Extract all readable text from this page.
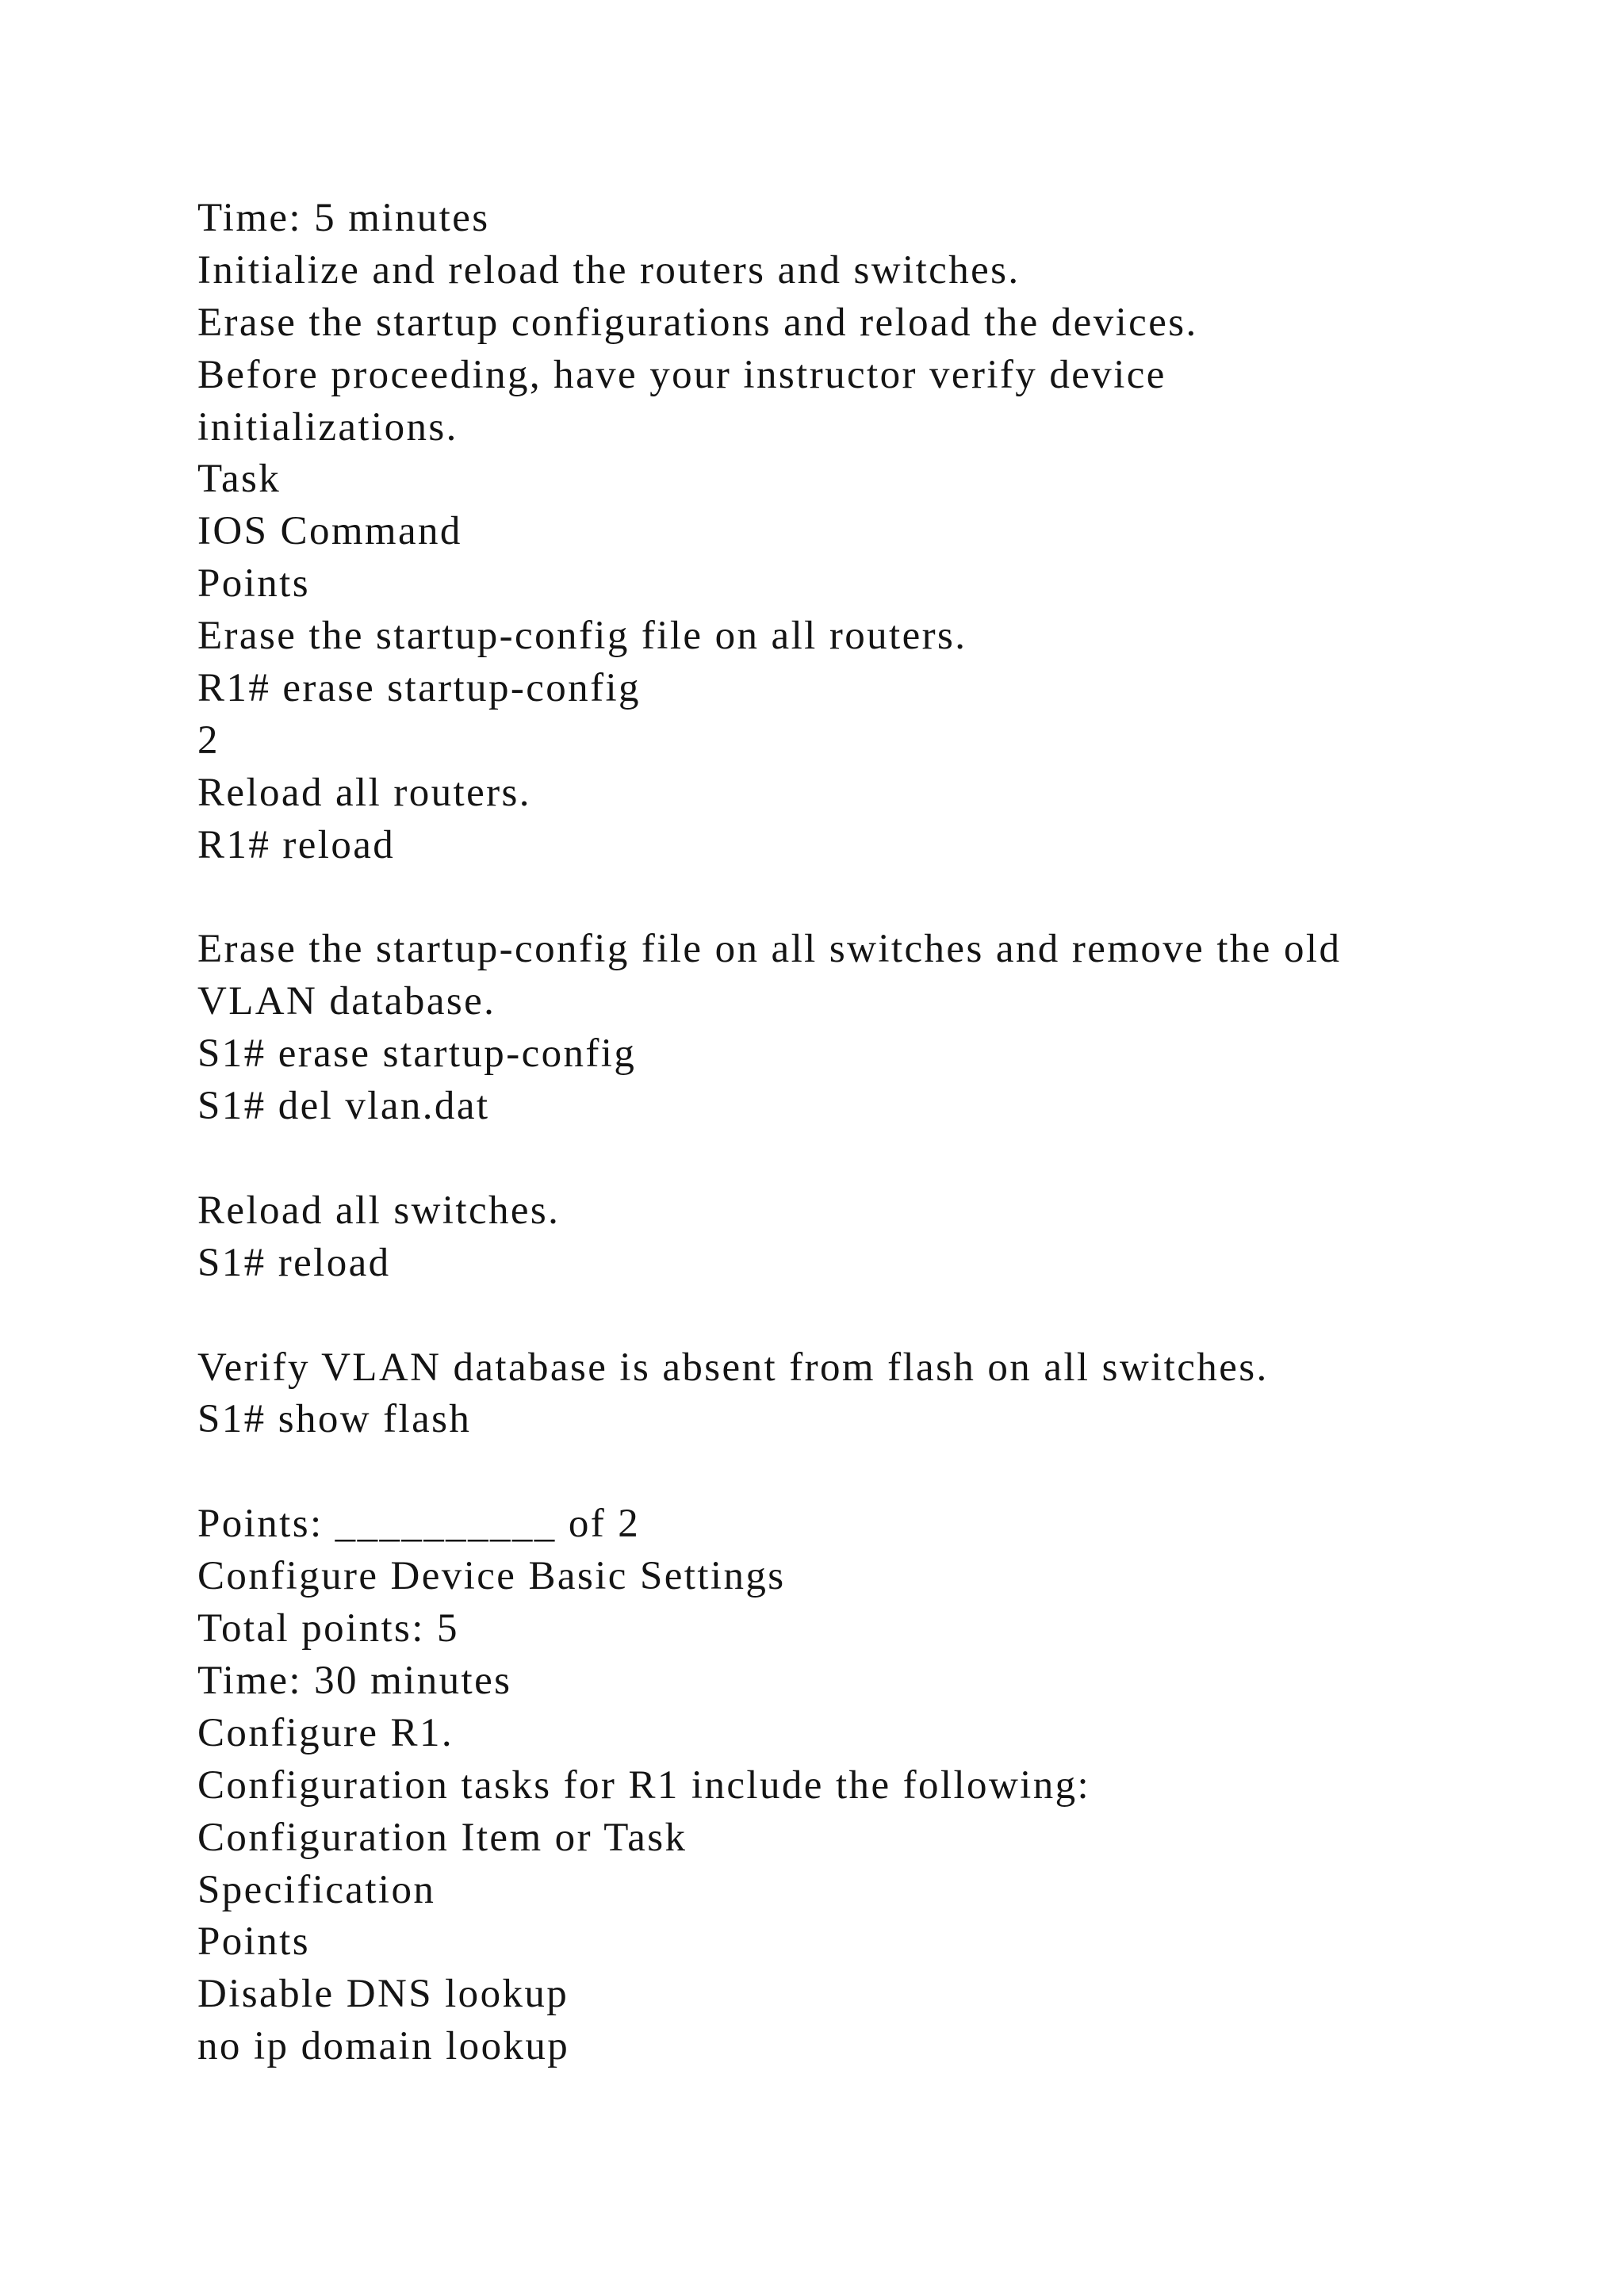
Time: 5 minutes
Initialize and reload the routers and switches.
Erase the startup configurations and reload the devices.
Before proceeding, have your instructor verify device
initializations.
Task
IOS Command
Points
Erase the startup-config file on all routers.
R1# erase startup-config
2
Reload all routers.
R1# reload
Erase the startup-config file on all switches and remove the old
VLAN database.
S1# erase startup-config
S1# del vlan.dat
Reload all switches.
S1# reload
Verify VLAN database is absent from flash on all switches.
S1# show flash
Points: __________ of 2
Configure Device Basic Settings
Total points: 5
Time: 30 minutes
Configure R1.
Configuration tasks for R1 include the following:
Configuration Item or Task
Specification
Points
Disable DNS lookup
no ip domain lookup
